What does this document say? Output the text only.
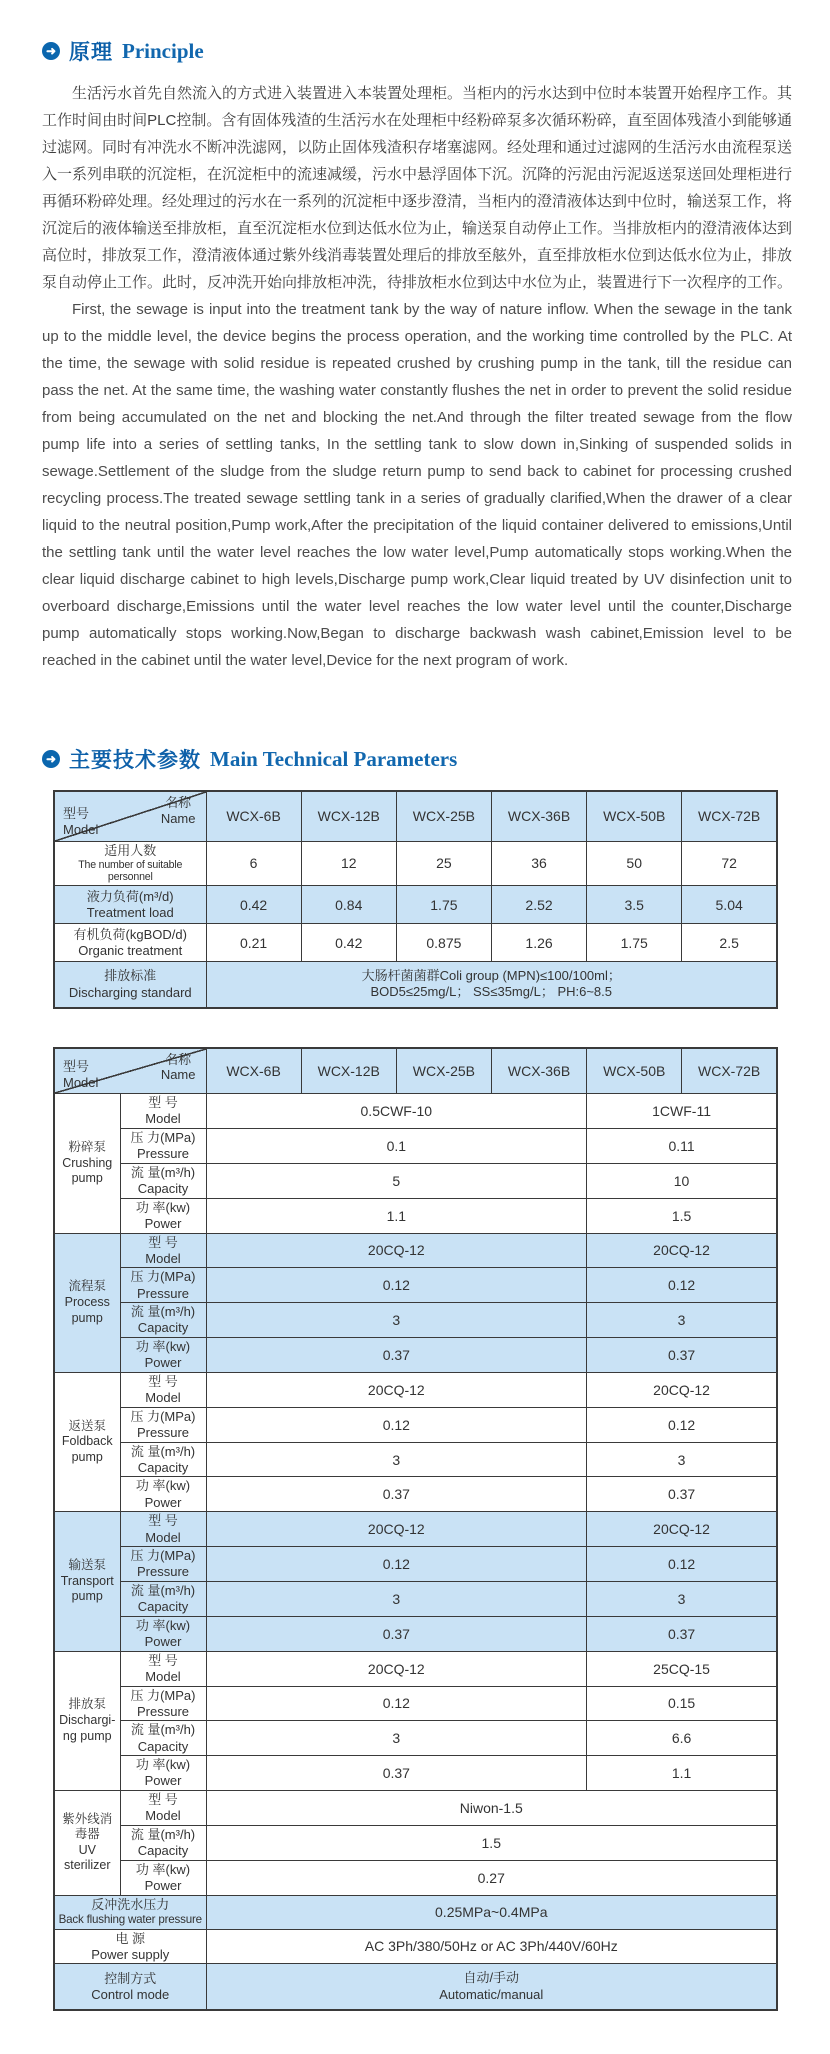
➜ 原理 Principle

生活污水首先自然流入的方式进入装置进入本装置处理柜。当柜内的污水达到中位时本装置开始程序工作。其工作时间由时间PLC控制。含有固体残渣的生活污水在处理柜中经粉碎泵多次循环粉碎，直至固体残渣小到能够通过滤网。同时有冲洗水不断冲洗滤网，以防止固体残渣积存堵塞滤网。经处理和通过过滤网的生活污水由流程泵送入一系列串联的沉淀柜，在沉淀柜中的流速减缓，污水中悬浮固体下沉。沉降的污泥由污泥返送泵送回处理柜进行再循环粉碎处理。经处理过的污水在一系列的沉淀柜中逐步澄清，当柜内的澄清液体达到中位时，输送泵工作，将沉淀后的液体输送至排放柜，直至沉淀柜水位到达低水位为止，输送泵自动停止工作。当排放柜内的澄清液体达到高位时，排放泵工作，澄清液体通过紫外线消毒装置处理后的排放至舷外，直至排放柜水位到达低水位为止，排放泵自动停止工作。此时，反冲洗开始向排放柜冲洗，待排放柜水位到达中水位为止，装置进行下一次程序的工作。

First, the sewage is input into the treatment tank by the way of nature inflow. When the sewage in the tank up to the middle level, the device begins the process operation, and the working time controlled by the PLC. At the time, the sewage with solid residue is repeated crushed by crushing pump in the tank, till the residue can pass the net. At the same time, the washing water constantly flushes the net in order to prevent the solid residue from being accumulated on the net and blocking the net.And through the filter treated sewage from the flow pump life into a series of settling tanks, In the settling tank to slow down in,Sinking of suspended solids in sewage.Settlement of the sludge from the sludge return pump to send back to cabinet for processing crushed recycling process.The treated sewage settling tank in a series of gradually clarified,When the drawer of a clear liquid to the neutral position,Pump work,After the precipitation of the liquid container delivered to emissions,Until the settling tank until the water level reaches the low water level,Pump automatically stops working.When the clear liquid discharge cabinet to high levels,Discharge pump work,Clear liquid treated by UV disinfection unit to overboard discharge,Emissions until the water level reaches the low water level until the counter,Discharge pump automatically stops working.Now,Began to discharge backwash wash cabinet,Emission level to be reached in the cabinet until the water level,Device for the next program of work.

➜ 主要技术参数 Main Technical Parameters
名称
Name
型号
Model	WCX-6B	WCX-12B	WCX-25B	WCX-36B	WCX-50B	WCX-72B

适用人数
The number of suitable personnel	6	12	25	36	50	72

液力负荷(m³/d)
Treatment load	0.42	0.84	1.75	2.52	3.5	5.04

有机负荷(kgBOD/d)
Organic treatment	0.21	0.42	0.875	1.26	1.75	2.5

排放标准
Discharging standard	大肠杆菌菌群Coli group (MPN)≤100/100ml；
BOD5≤25mg/L； SS≤35mg/L； PH:6~8.5					
名称
Name
型号
Model		WCX-6B	WCX-12B	WCX-25B	WCX-36B	WCX-50B	WCX-72B

粉碎泵
Crushing pump	型 号
Model	0.5CWF-10				1CWF-11	

	压 力(MPa)
Pressure	0.1				0.11	

	流 量(m³/h)
Capacity	5				10	

	功 率(kw)
Power	1.1				1.5	

流程泵
Process pump	型 号
Model	20CQ-12				20CQ-12	

	压 力(MPa)
Pressure	0.12				0.12	

	流 量(m³/h)
Capacity	3				3	

	功 率(kw)
Power	0.37				0.37	

返送泵
Foldback pump	型 号
Model	20CQ-12				20CQ-12	

	压 力(MPa)
Pressure	0.12				0.12	

	流 量(m³/h)
Capacity	3				3	

	功 率(kw)
Power	0.37				0.37	

输送泵
Transport pump	型 号
Model	20CQ-12				20CQ-12	

	压 力(MPa)
Pressure	0.12				0.12	

	流 量(m³/h)
Capacity	3				3	

	功 率(kw)
Power	0.37				0.37	

排放泵
Dischargi-ng pump	型 号
Model	20CQ-12				25CQ-15	

	压 力(MPa)
Pressure	0.12				0.15	

	流 量(m³/h)
Capacity	3				6.6	

	功 率(kw)
Power	0.37				1.1	

紫外线消毒器
UV sterilizer	型 号
Model	Niwon-1.5					

	流 量(m³/h)
Capacity	1.5					

	功 率(kw)
Power	0.27					

反冲洗水压力
Back flushing water pressure		0.25MPa~0.4MPa					

电 源
Power supply		AC 3Ph/380/50Hz or AC 3Ph/440V/60Hz					

控制方式
Control mode		自动/手动
Automatic/manual					
